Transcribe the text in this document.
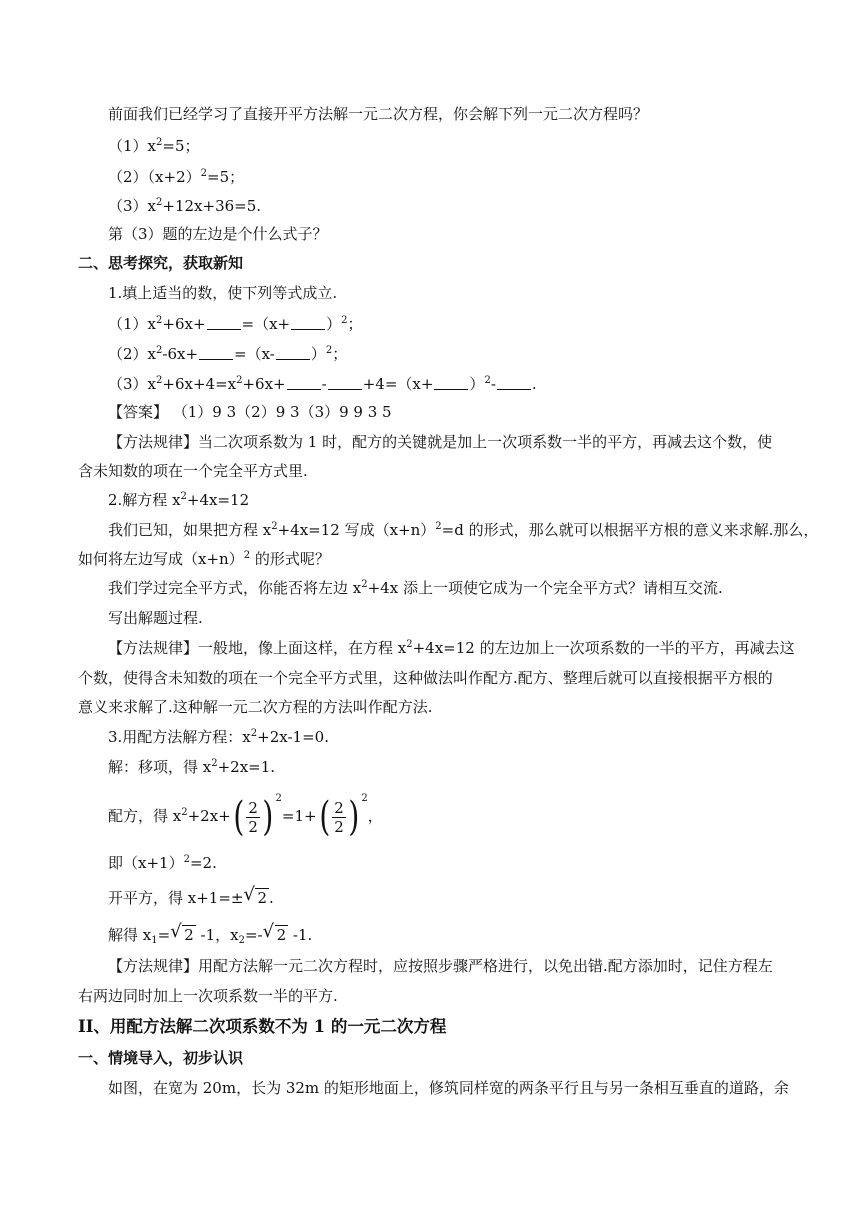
前面我们已经学习了直接开平方法解一元二次方程，你会解下列一元二次方程吗？
$(1)x^2=5$；
$(2)(x+2)^2=5$；
$(3)x^2+12x+36=5$.
第（3）题的左边是个什么式子？
二、思考探究，获取新知
1.填上适当的数，使下列等式成立.
$(1)x^2+6x+ =(x+ )^2$；
$(2)x^2-6x+ =(x-$ ）$^2$；
$(3)x^2+6x+4=x^2+6x+ - +4=(x+ )^2-$ .
【答案】 （1）9 3（2）9 3（3）9 9 3 5
【方法规律】当二次项系数为 1 时，配方的关键就是加上一次项系数一半的平方，再减去这个数，使
含未知数的项在一个完全平方式里.
2.解方程 $x^2+4x=12$
我们已知，如果把方程 $x^2+4x=12$ 写成$(x+n)^2=d$ 的形式，那么就可以根据平方根的意义来求解.那么，
如何将左边写成$(x+n)^2$ 的形式呢？
我们学过完全平方式，你能否将左边 $x^2+4x$ 添上一项使它成为一个完全平方式？请相互交流.
写出解题过程.
【方法规律】一般地，像上面这样，在方程 $x^2+4x=12$ 的左边加上一次项系数的一半的平方，再减去这
个数，使得含未知数的项在一个完全平方式里，这种做法叫作配方.配方、整理后就可以直接根据平方根的
意义来求解了.这种解一元二次方程的方法叫作配方法.
3.用配方法解方程：$x^2+2x-1=0$.
解：移项，得 $x^2+2x=1$.
配方，得 $x^2+2x+$ ( 2
2 ) 2
=1+ ( 2
2 ) 2
，
即$(x+1)^2=2$.
开平方，得 x+1=± √ 2 .
解得 $x_1=$ √ 2 -1，$x_2=-$ √ 2 -1.
【方法规律】用配方法解一元二次方程时，应按照步骤严格进行，以免出错.配方添加时，记住方程左
右两边同时加上一次项系数一半的平方.
II、用配方法解二次项系数不为 1 的一元二次方程
一、情境导入，初步认识
如图，在宽为 20m，长为 32m 的矩形地面上，修筑同样宽的两条平行且与另一条相互垂直的道路，余
